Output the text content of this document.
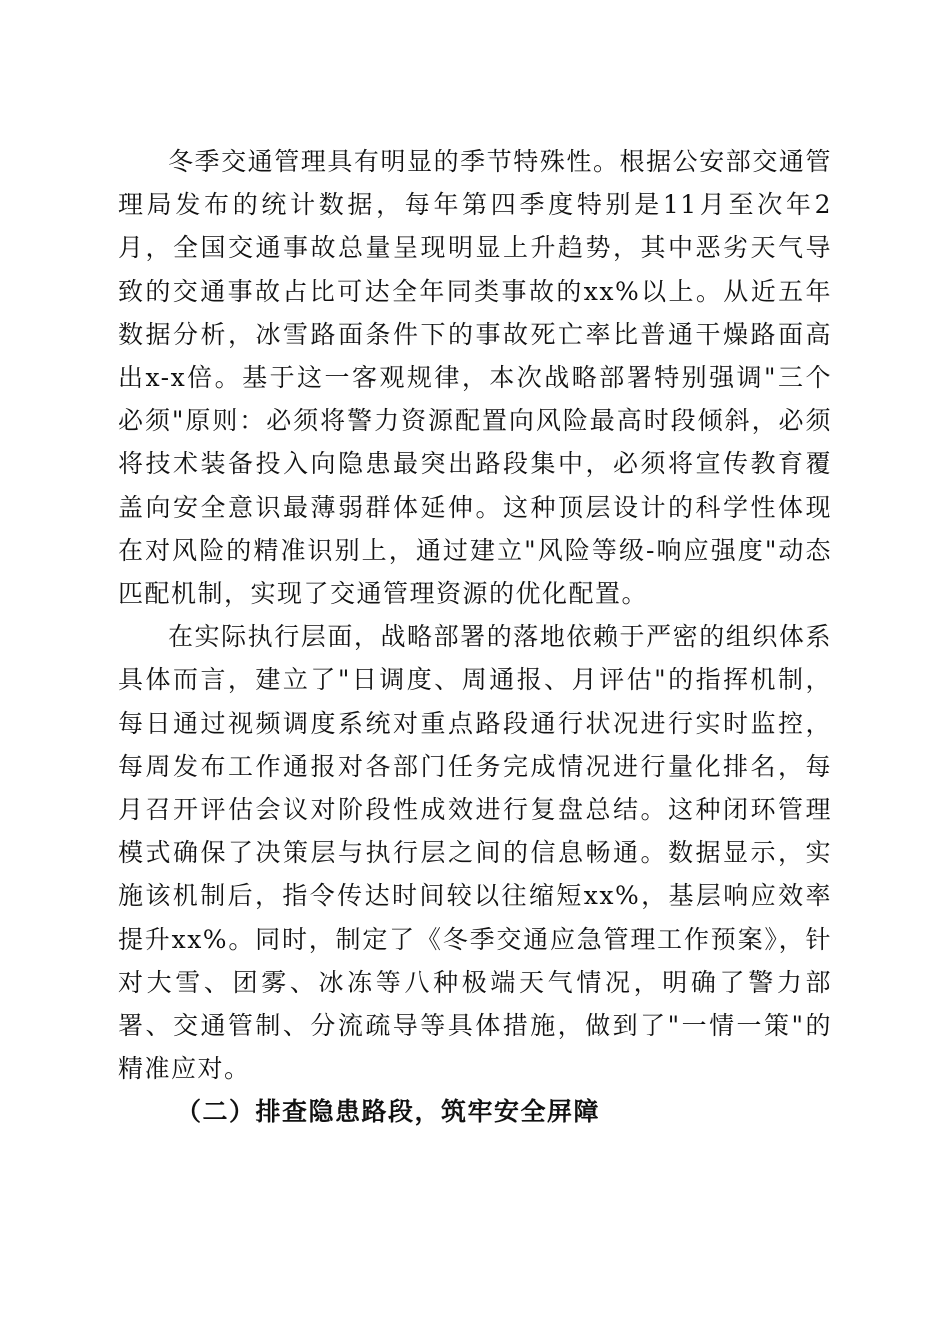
冬季交通管理具有明显的季节特殊性。根据公安部交通管理局发布的统计数据，每年第四季度特别是11月至次年2月，全国交通事故总量呈现明显上升趋势，其中恶劣天气导致的交通事故占比可达全年同类事故的xx%以上。从近五年数据分析，冰雪路面条件下的事故死亡率比普通干燥路面高出x-x倍。基于这一客观规律，本次战略部署特别强调"三个必须"原则：必须将警力资源配置向风险最高时段倾斜，必须将技术装备投入向隐患最突出路段集中，必须将宣传教育覆盖向安全意识最薄弱群体延伸。这种顶层设计的科学性体现在对风险的精准识别上，通过建立"风险等级-响应强度"动态匹配机制，实现了交通管理资源的优化配置。

在实际执行层面，战略部署的落地依赖于严密的组织体系具体而言，建立了"日调度、周通报、月评估"的指挥机制，每日通过视频调度系统对重点路段通行状况进行实时监控，每周发布工作通报对各部门任务完成情况进行量化排名，每月召开评估会议对阶段性成效进行复盘总结。这种闭环管理模式确保了决策层与执行层之间的信息畅通。数据显示，实施该机制后，指令传达时间较以往缩短xx%，基层响应效率提升xx%。同时，制定了《冬季交通应急管理工作预案》，针对大雪、团雾、冰冻等八种极端天气情况，明确了警力部署、交通管制、分流疏导等具体措施，做到了"一情一策"的精准应对。

（二）排查隐患路段，筑牢安全屏障
